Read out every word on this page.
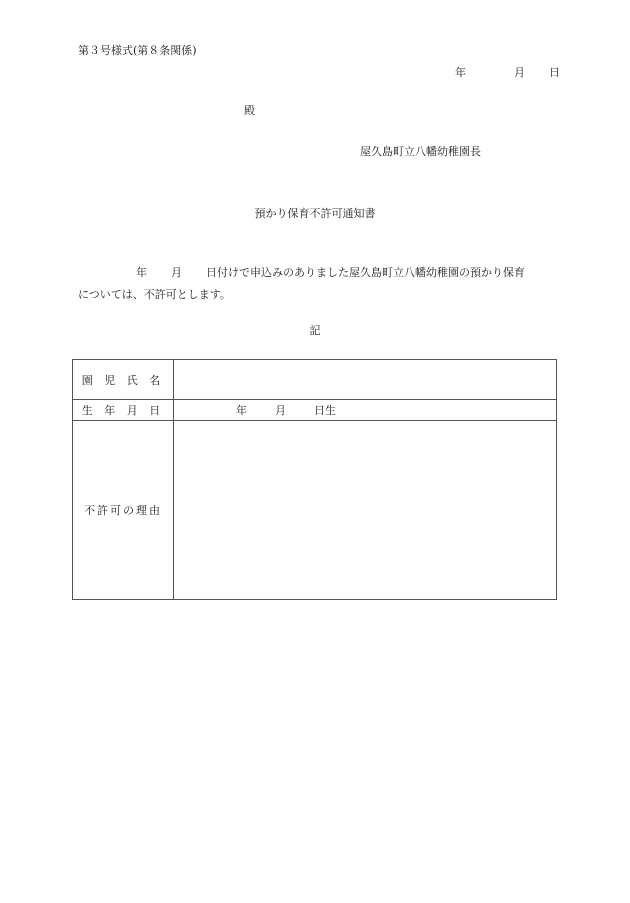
第３号様式(第８条関係)
年	月 日
殿
屋久島町立八幡幼稚園長
預かり保育不許可通知書
年 月 日付けで申込みのありました屋久島町立八幡幼稚園の預かり保育
については、不許可とします。
記
園 児 氏 名	
生 年 月 日	年 月 日生
不許可の理由	
